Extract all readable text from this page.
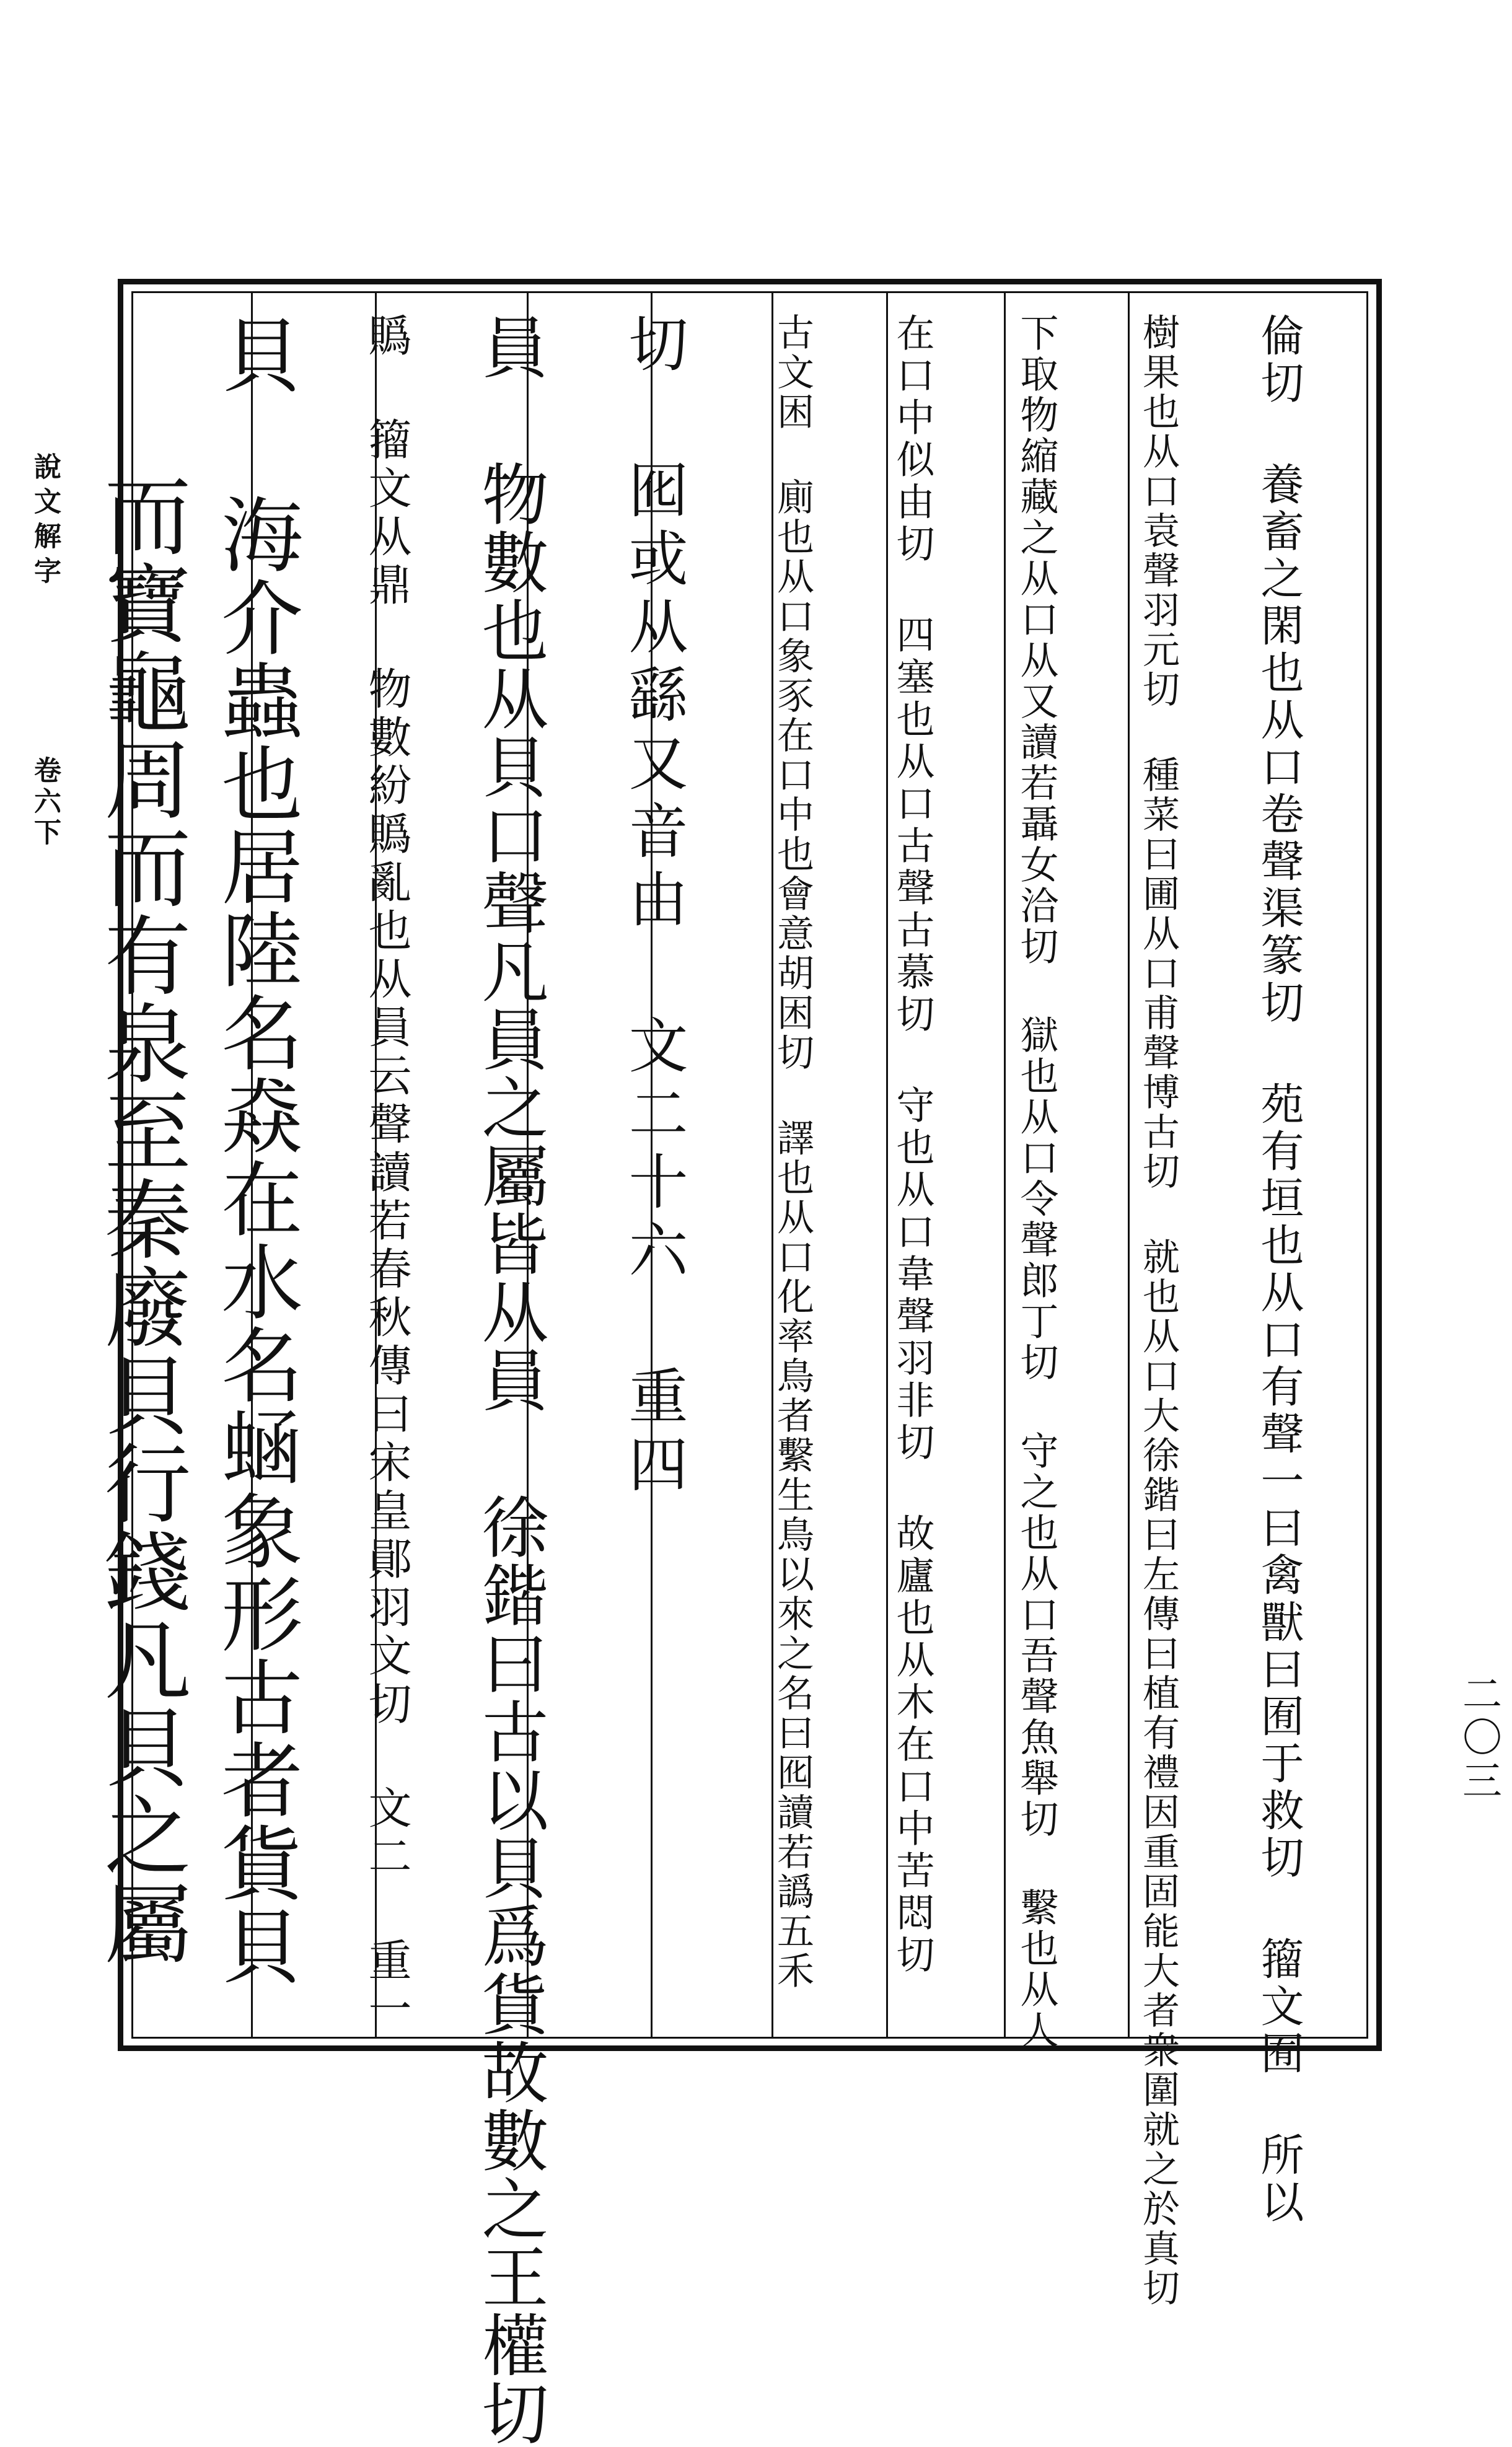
說文解字
卷六下
二〇三
倫切 養畜之閑也从口卷聲渠篆切 苑有垣也从口有聲一曰禽獸曰囿于救切 籀文囿 所以
樹果也从口袁聲羽元切 種菜曰圃从口甫聲博古切 就也从口大徐鍇曰左傳曰植有禮因重固能大者衆圍就之於真切
下取物縮藏之从口从又讀若聶女洽切 獄也从口令聲郎丁切 守之也从口吾聲魚舉切 繫也从人
在口中似由切 四塞也从口古聲古慕切 守也从口韋聲羽非切 故廬也从木在口中苦悶切
古文困 廁也从口象豕在口中也會意胡困切 譯也从口化率鳥者繫生鳥以來之名曰囮讀若譌五禾
切 囮或从繇又音由 文二十六 重四
員 物數也从貝口聲凡員之屬皆从員 徐鍇曰古以貝爲貨故數之王權切
䞈 籀文从鼎 物數紛䞈亂也从員云聲讀若春秋傳曰宋皇鄖羽文切 文二 重一
貝 海介蟲也居陸名猋在水名蜬象形古者貨貝
而寶龜周而有泉至秦廢貝行錢凡貝之屬
